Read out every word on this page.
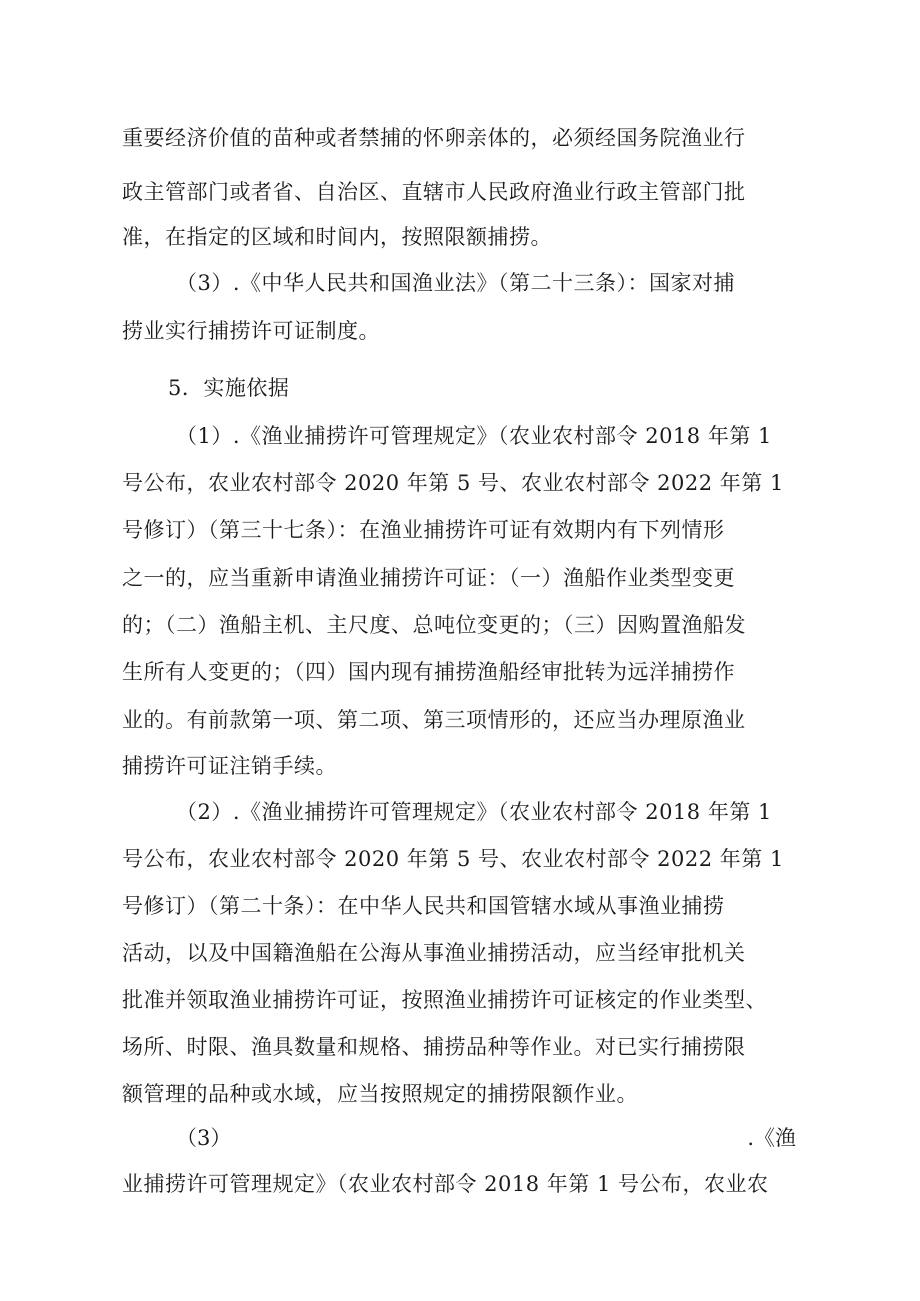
重要经济价值的苗种或者禁捕的怀卵亲体的，必须经国务院渔业行
政主管部门或者省、自治区、直辖市人民政府渔业行政主管部门批
准，在指定的区域和时间内，按照限额捕捞。
（3）.《中华人民共和国渔业法》（第二十三条）：国家对捕
捞业实行捕捞许可证制度。
5．实施依据
（1）.《渔业捕捞许可管理规定》（农业农村部令 2018 年第 1
号公布，农业农村部令 2020 年第 5 号、农业农村部令 2022 年第 1
号修订）（第三十七条）：在渔业捕捞许可证有效期内有下列情形
之一的，应当重新申请渔业捕捞许可证：（一）渔船作业类型变更
的；（二）渔船主机、主尺度、总吨位变更的；（三）因购置渔船发
生所有人变更的；（四）国内现有捕捞渔船经审批转为远洋捕捞作
业的。有前款第一项、第二项、第三项情形的，还应当办理原渔业
捕捞许可证注销手续。
（2）.《渔业捕捞许可管理规定》（农业农村部令 2018 年第 1
号公布，农业农村部令 2020 年第 5 号、农业农村部令 2022 年第 1
号修订）（第二十条）：在中华人民共和国管辖水域从事渔业捕捞
活动，以及中国籍渔船在公海从事渔业捕捞活动，应当经审批机关
批准并领取渔业捕捞许可证，按照渔业捕捞许可证核定的作业类型、
场所、时限、渔具数量和规格、捕捞品种等作业。对已实行捕捞限
额管理的品种或水域，应当按照规定的捕捞限额作业。
（3）	.《渔
业捕捞许可管理规定》（农业农村部令 2018 年第 1 号公布，农业农
